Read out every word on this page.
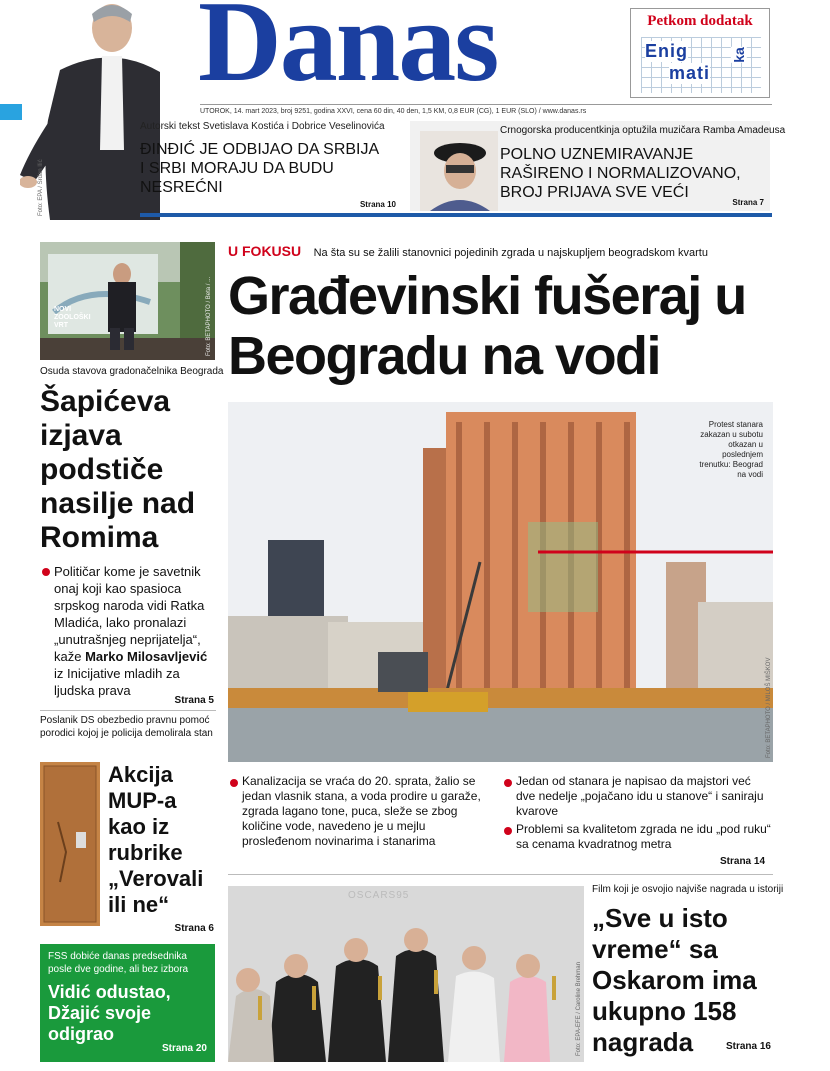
Foto: EPA / Srđan Ilić
Danas	Petkom dodatak
Enig
mati
ka
UTOROK, 14. mart 2023, broj 9251, godina XXVI, cena 60 din, 40 den, 1,5 KM, 0,8 EUR (CG), 1 EUR (SLO) / www.danas.rs
Autorski tekst Svetislava Kostića i Dobrice Veselinovića
ĐINĐIĆ JE ODBIJAO DA SRBIJA I SRBI MORAJU DA BUDU NESREĆNI
Strana 10
Crnogorska producentkinja optužila muzičara Ramba Amadeusa
POLNO UZNEMIRAVANJE RAŠIRENO I NORMALIZOVANO, BROJ PRIJAVA SVE VEĆI
Strana 7
NOVI ZOOLOŠKI VRT	Foto: BETAPHOTO / Beta / ...
Osuda stavova gradonačelnika Beograda
Šapićeva izjava podstiče nasilje nad Romima
Političar kome je savetnik onaj koji kao spasioca srpskog naroda vidi Ratka Mladića, lako pronalazi „unutrašnjeg neprijatelja“, kaže Marko Milosavljević iz Inicijative mladih za ljudska prava
Strana 5
Poslanik DS obezbedio pravnu pomoć porodici kojoj je policija demolirala stan
Akcija MUP-a kao iz rubrike „Verovali ili ne“
Strana 6
FSS dobiće danas predsednika posle dve godine, ali bez izbora
Vidić odustao, Džajić svoje odigrao
Strana 20
U FOKUSU Na šta su se žalili stanovnici pojedinih zgrada u najskupljem beogradskom kvartu
Građevinski fušeraj u Beogradu na vodi
Protest stanara zakazan u subotu otkazan u poslednjem trenutku: Beograd na vodi
Foto: BETAPHOTO / MILOŠ MIŠKOV
Kanalizacija se vraća do 20. sprata, žalio se jedan vlasnik stana, a voda prodire u garaže, zgrada lagano tone, puca, sleže se zbog količine vode, navedeno je u mejlu prosleđenom novinarima i stanarima
Jedan od stanara je napisao da majstori već dve nedelje „pojačano idu u stanove“ i saniraju kvarove
Problemi sa kvalitetom zgrada ne idu „pod ruku“ sa cenama kvadratnog metra
Strana 14
OSCARS95
Foto: EPA-EFE / Caroline Brehman
Film koji je osvojio najviše nagrada u istoriji
„Sve u isto vreme“ sa Oskarom ima ukupno 158 nagrada	Strana 16
